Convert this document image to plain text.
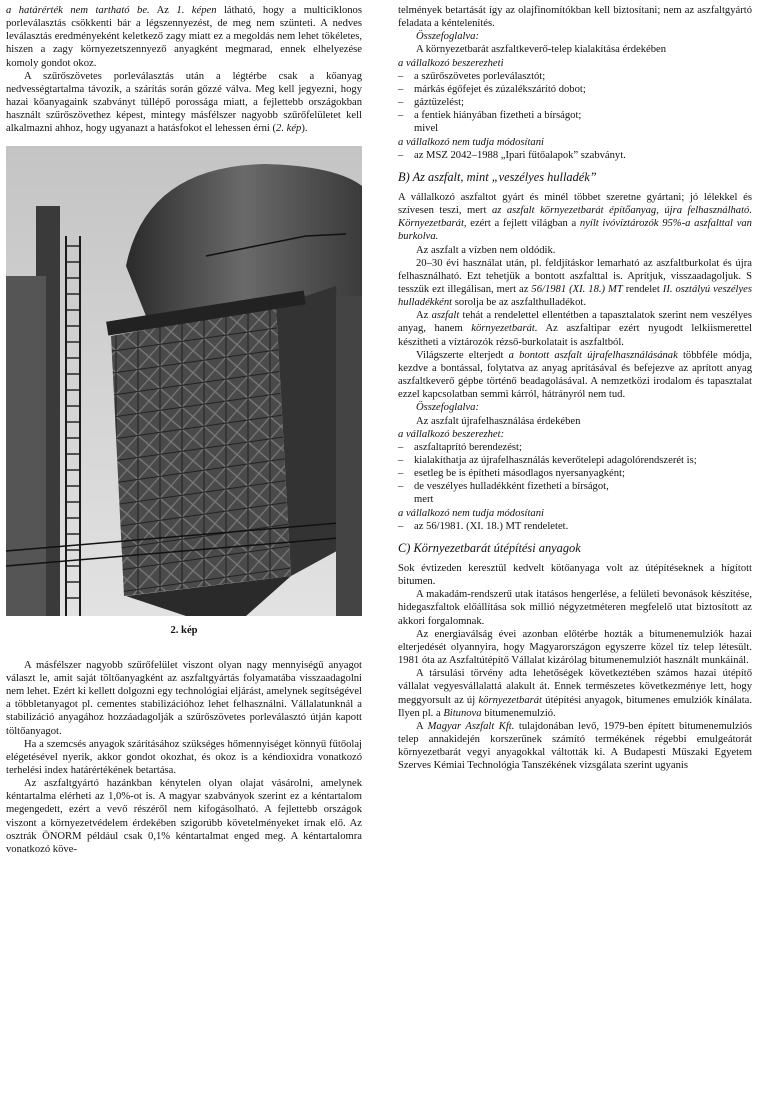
a határérték nem tartható be. Az 1. képen látható, hogy a multiciklonos porleválasztás csökkenti bár a légszennyezést, de meg nem szünteti. A nedves leválasztás eredményeként keletkező zagy miatt ez a megoldás nem lehet tökéletes, hiszen a zagy környezetszennyező anyagként megmarad, ennek elhelyezése komoly gondot okoz.

A szűrőszövetes porleválasztás után a légtérbe csak a kőanyag nedvességtartalma távozik, a szárítás során gőzzé válva. Meg kell jegyezni, hogy hazai kőanyagaink szabványt túllépő porossága miatt, a fejlettebb országokban használt szűrőszövethez képest, mintegy másfélszer nagyobb szűrőfelületet kell alkalmazni ahhoz, hogy ugyanazt a hatásfokot el lehessen érni (2. kép).

2. kép

A másfélszer nagyobb szűrőfelület viszont olyan nagy mennyiségű anyagot választ le, amit saját töltőanyagként az aszfaltgyártás folyamatába visszaadagolni nem lehet. Ezért ki kellett dolgozni egy technológiai eljárást, amelynek segítségével a többletanyagot pl. cementes stabilizációhoz lehet felhasználni. Vállalatunknál a stabilizáció anyagához hozzáadagolják a szűrőszövetes porleválasztó útján kapott töltőanyagot.

Ha a szemcsés anyagok szárításához szükséges hőmennyiséget könnyű fűtőolaj elégetésével nyerik, akkor gondot okozhat, és okoz is a kéndioxidra vonatkozó terhelési index határértékének betartása.

Az aszfaltgyártó hazánkban kénytelen olyan olajat vásárolni, amelynek kéntartalma elérheti az 1,0%-ot is. A magyar szabványok szerint ez a kéntartalom megengedett, ezért a vevő részéről nem kifogásolható. A fejlettebb országok viszont a környezetvédelem érdekében szigorúbb követelményeket írnak elő. Az osztrák ÖNORM például csak 0,1% kéntartalmat enged meg. A kéntartalomra vonatkozó köve-

telmények betartását így az olajfinomítókban kell biztosítani; nem az aszfaltgyártó feladata a kéntelenítés.

Összefoglalva:

A környezetbarát aszfaltkeverő-telep kialakítása érdekében

a vállalkozó beszerezheti

–	a szűrőszövetes porleválasztót;
–	márkás égőfejet és zúzalékszárító dobot;
–	gáztüzelést;
–	a fentiek hiányában fizetheti a bírságot;

mivel

a vállalkozó nem tudja módosítani

–	az MSZ 2042–1988 „Ipari fűtőalapok” szabványt.
B) Az aszfalt, mint „veszélyes hulladék”

A vállalkozó aszfaltot gyárt és minél többet szeretne gyártani; jó lélekkel és szívesen teszi, mert az aszfalt környezetbarát építőanyag, újra felhasználható. Környezetbarát, ezért a fejlett világban a nyílt ivóvíztározók 95%-a aszfalttal van burkolva.

Az aszfalt a vízben nem oldódik.

20–30 évi használat után, pl. feldjításkor lemarható az aszfaltburkolat és újra felhasználható. Ezt tehetjük a bontott aszfalttal is. Aprítjuk, visszaadagoljuk. S tesszük ezt illegálisan, mert az 56/1981 (XI. 18.) MT rendelet II. osztályú veszélyes hulladékként sorolja be az aszfalthulladékot.

Az aszfalt tehát a rendelettel ellentétben a tapasztalatok szerint nem veszélyes anyag, hanem környezetbarát. Az aszfaltipar ezért nyugodt lelkiismerettel készítheti a víztározók rézső-burkolatait is aszfaltból.

Világszerte elterjedt a bontott aszfalt újrafelhasználásának többféle módja, kezdve a bontással, folytatva az anyag aprításával és befejezve az aprított anyag aszfaltkeverő gépbe történő beadagolásával. A nemzetközi irodalom és tapasztalat ezzel kapcsolatban semmi kárról, hátrányról nem tud.

Összefoglalva:

Az aszfalt újrafelhasználása érdekében

a vállalkozó beszerezhet:

–	aszfaltaprító berendezést;
–	kialakíthatja az újrafelhasználás keverőtelepi adagolórendszerét is;
–	esetleg be is építheti másodlagos nyersanyagként;
–	de veszélyes hulladékként fizetheti a bírságot,

mert

a vállalkozó nem tudja módosítani

–	az 56/1981. (XI. 18.) MT rendeletet.
C) Környezetbarát útépítési anyagok

Sok évtizeden keresztül kedvelt kötőanyaga volt az útépítéseknek a hígított bitumen.

A makadám-rendszerű utak itatásos hengerlése, a felületi bevonások készítése, hidegaszfaltok előállítása sok millió négyzetméteren megfelelő utat biztosított az akkori forgalomnak.

Az energiaválság évei azonban előtérbe hozták a bitumenemulziók hazai elterjedését olyannyira, hogy Magyarországon egyszerre közel tíz telep létesült. 1981 óta az Aszfaltútépítő Vállalat kizárólag bitumenemulziót használt munkáinál.

A társulási törvény adta lehetőségek következtében számos hazai útépítő vállalat vegyesvállalattá alakult át. Ennek természetes következménye lett, hogy meggyorsult az új környezetbarát útépítési anyagok, bitumenes emulziók kínálata. Ilyen pl. a Bitunova bitumenemulzió.

A Magyar Aszfalt Kft. tulajdonában levő, 1979-ben épített bitumenemulziós telep annakidején korszerűnek számító termékének régebbi emulgeátorát környezetbarát vegyi anyagokkal váltották ki. A Budapesti Műszaki Egyetem Szerves Kémiai Technológia Tanszékének vizsgálata szerint ugyanis
